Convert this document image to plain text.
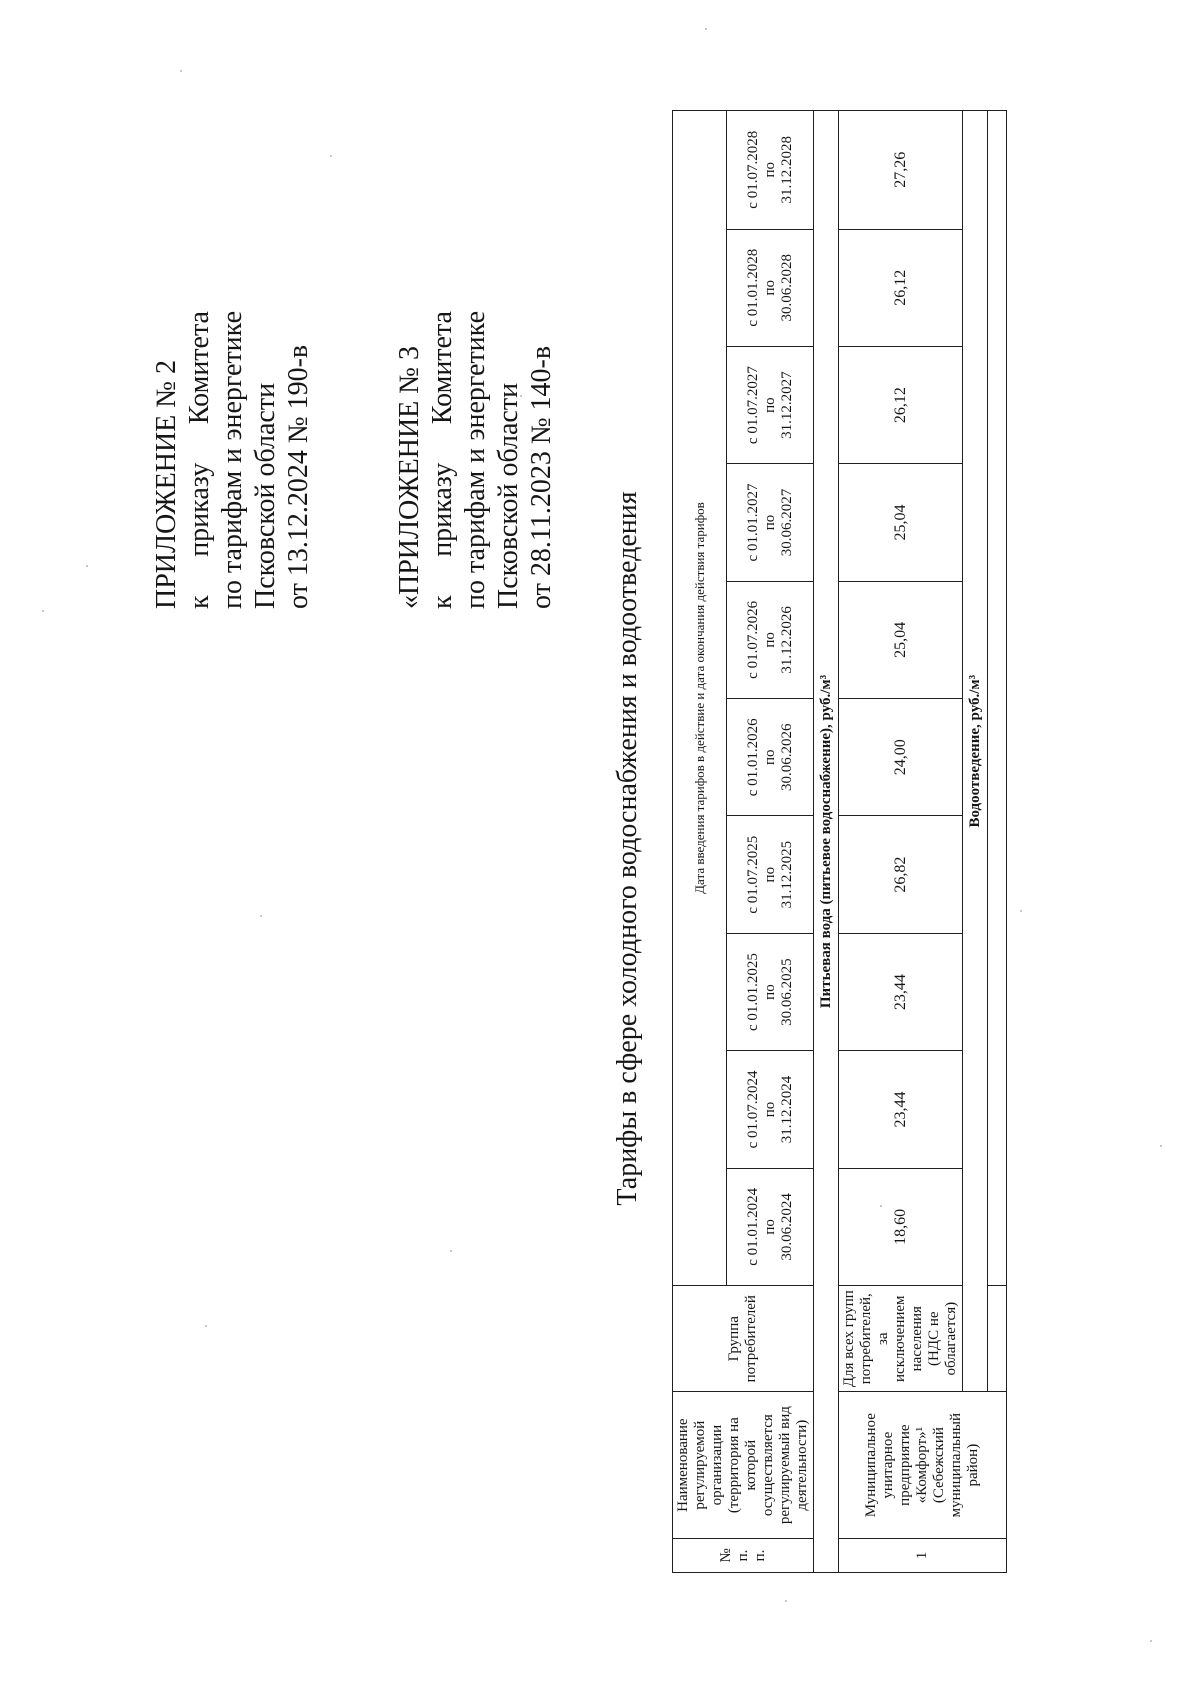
ПРИЛОЖЕНИЕ № 2 к
приказу
Комитета
по тарифам
и
энергетике
Псковской области от 13.12.2024 № 190-в	«ПРИЛОЖЕНИЕ № 3 к
приказу
Комитета
по тарифам
и
энергетике
Псковской области от 28.11.2023 № 140-в
Тарифы в сфере холодного водоснабжения и водоотведения
№ п. п.	Наименование регулируемой организации (территория на которой осуществляется регулируемый вид деятельности)	Группа потребителей	Дата введения тарифов в действие и дата окончания действия тарифов									
			с 01.01.2024
по
30.06.2024	с 01.07.2024
по
31.12.2024	с 01.01.2025
по
30.06.2025	с 01.07.2025
по
31.12.2025	с 01.01.2026
по
30.06.2026	с 01.07.2026
по
31.12.2026	с 01.01.2027
по
30.06.2027	с 01.07.2027
по
31.12.2027	с 01.01.2028
по
30.06.2028	с 01.07.2028
по
31.12.2028
Питьевая вода (питьевое водоснабжение), руб./м³												
1	Муниципальное унитарное предприятие «Комфорт»¹ (Себежский муниципальный район)	Для всех групп потребителей, за исключением населения (НДС не облагается)	18,60	23,44	23,44	26,82	24,00	25,04	25,04	26,12	26,12	27,26
		Водоотведение, руб./м³										
